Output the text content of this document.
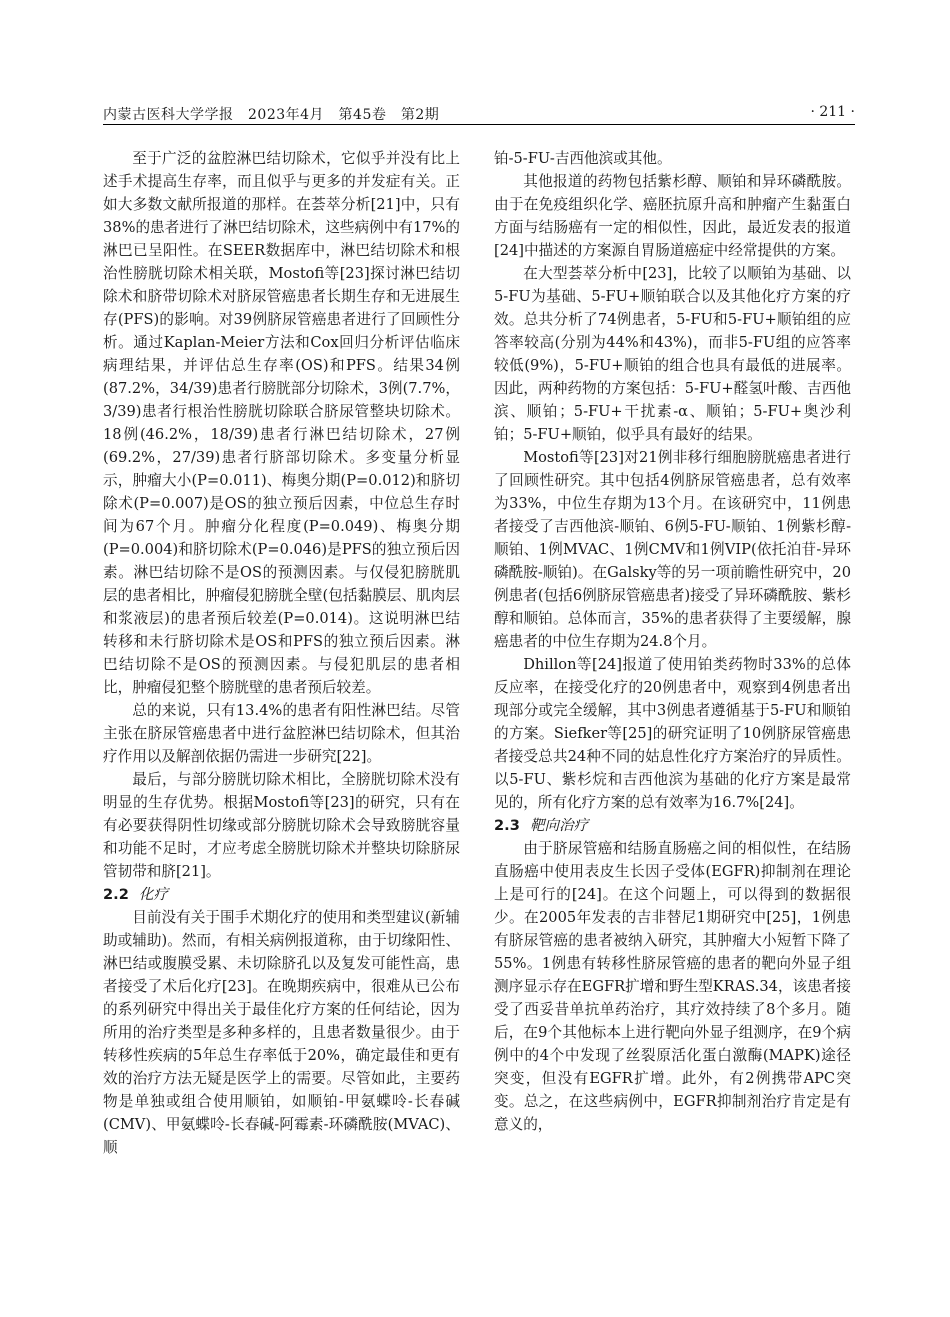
内蒙古医科大学学报　2023年4月　第45卷　第2期	· 211 ·

至于广泛的盆腔淋巴结切除术，它似乎并没有比上述手术提高生存率，而且似乎与更多的并发症有关。正如大多数文献所报道的那样。在荟萃分析[21]中，只有38%的患者进行了淋巴结切除术，这些病例中有17%的淋巴已呈阳性。在SEER数据库中，淋巴结切除术和根治性膀胱切除术相关联，Mostofi等[23]探讨淋巴结切除术和脐带切除术对脐尿管癌患者长期生存和无进展生存(PFS)的影响。对39例脐尿管癌患者进行了回顾性分析。通过Kaplan-Meier方法和Cox回归分析评估临床病理结果，并评估总生存率(OS)和PFS。结果34例(87.2%，34/39)患者行膀胱部分切除术，3例(7.7%，3/39)患者行根治性膀胱切除联合脐尿管整块切除术。18例(46.2%，18/39)患者行淋巴结切除术，27例(69.2%，27/39)患者行脐部切除术。多变量分析显示，肿瘤大小(P=0.011)、梅奥分期(P=0.012)和脐切除术(P=0.007)是OS的独立预后因素，中位总生存时间为67个月。肿瘤分化程度(P=0.049)、梅奥分期(P=0.004)和脐切除术(P=0.046)是PFS的独立预后因素。淋巴结切除不是OS的预测因素。与仅侵犯膀胱肌层的患者相比，肿瘤侵犯膀胱全壁(包括黏膜层、肌肉层和浆液层)的患者预后较差(P=0.014)。这说明淋巴结转移和未行脐切除术是OS和PFS的独立预后因素。淋巴结切除不是OS的预测因素。与侵犯肌层的患者相比，肿瘤侵犯整个膀胱壁的患者预后较差。

总的来说，只有13.4%的患者有阳性淋巴结。尽管主张在脐尿管癌患者中进行盆腔淋巴结切除术，但其治疗作用以及解剖依据仍需进一步研究[22]。

最后，与部分膀胱切除术相比，全膀胱切除术没有明显的生存优势。根据Mostofi等[23]的研究，只有在有必要获得阴性切缘或部分膀胱切除术会导致膀胱容量和功能不足时，才应考虑全膀胱切除术并整块切除脐尿管韧带和脐[21]。

2.2 化疗

目前没有关于围手术期化疗的使用和类型建议(新辅助或辅助)。然而，有相关病例报道称，由于切缘阳性、淋巴结或腹膜受累、未切除脐孔以及复发可能性高，患者接受了术后化疗[23]。在晚期疾病中，很难从已公布的系列研究中得出关于最佳化疗方案的任何结论，因为所用的治疗类型是多种多样的，且患者数量很少。由于转移性疾病的5年总生存率低于20%，确定最佳和更有效的治疗方法无疑是医学上的需要。尽管如此，主要药物是单独或组合使用顺铂，如顺铂-甲氨蝶呤-长春碱(CMV)、甲氨蝶呤-长春碱-阿霉素-环磷酰胺(MVAC)、顺

铂-5-FU-吉西他滨或其他。

其他报道的药物包括紫杉醇、顺铂和异环磷酰胺。由于在免疫组织化学、癌胚抗原升高和肿瘤产生黏蛋白方面与结肠癌有一定的相似性，因此，最近发表的报道[24]中描述的方案源自胃肠道癌症中经常提供的方案。

在大型荟萃分析中[23]，比较了以顺铂为基础、以5-FU为基础、5-FU+顺铂联合以及其他化疗方案的疗效。总共分析了74例患者，5-FU和5-FU+顺铂组的应答率较高(分别为44%和43%)，而非5-FU组的应答率较低(9%)，5-FU+顺铂的组合也具有最低的进展率。因此，两种药物的方案包括：5-FU+醛氢叶酸、吉西他滨、顺铂；5-FU+干扰素-α、顺铂；5-FU+奥沙利铂；5-FU+顺铂，似乎具有最好的结果。

Mostofi等[23]对21例非移行细胞膀胱癌患者进行了回顾性研究。其中包括4例脐尿管癌患者，总有效率为33%，中位生存期为13个月。在该研究中，11例患者接受了吉西他滨-顺铂、6例5-FU-顺铂、1例紫杉醇-顺铂、1例MVAC、1例CMV和1例VIP(依托泊苷-异环磷酰胺-顺铂)。在Galsky等的另一项前瞻性研究中，20例患者(包括6例脐尿管癌患者)接受了异环磷酰胺、紫杉醇和顺铂。总体而言，35%的患者获得了主要缓解，腺癌患者的中位生存期为24.8个月。

Dhillon等[24]报道了使用铂类药物时33%的总体反应率，在接受化疗的20例患者中，观察到4例患者出现部分或完全缓解，其中3例患者遵循基于5-FU和顺铂的方案。Siefker等[25]的研究证明了10例脐尿管癌患者接受总共24种不同的姑息性化疗方案治疗的异质性。以5-FU、紫杉烷和吉西他滨为基础的化疗方案是最常见的，所有化疗方案的总有效率为16.7%[24]。

2.3 靶向治疗

由于脐尿管癌和结肠直肠癌之间的相似性，在结肠直肠癌中使用表皮生长因子受体(EGFR)抑制剂在理论上是可行的[24]。在这个问题上，可以得到的数据很少。在2005年发表的吉非替尼1期研究中[25]，1例患有脐尿管癌的患者被纳入研究，其肿瘤大小短暂下降了55%。1例患有转移性脐尿管癌的患者的靶向外显子组测序显示存在EGFR扩增和野生型KRAS.34，该患者接受了西妥昔单抗单药治疗，其疗效持续了8个多月。随后，在9个其他标本上进行靶向外显子组测序，在9个病例中的4个中发现了丝裂原活化蛋白激酶(MAPK)途径突变，但没有EGFR扩增。此外，有2例携带APC突变。总之，在这些病例中，EGFR抑制剂治疗肯定是有意义的，
